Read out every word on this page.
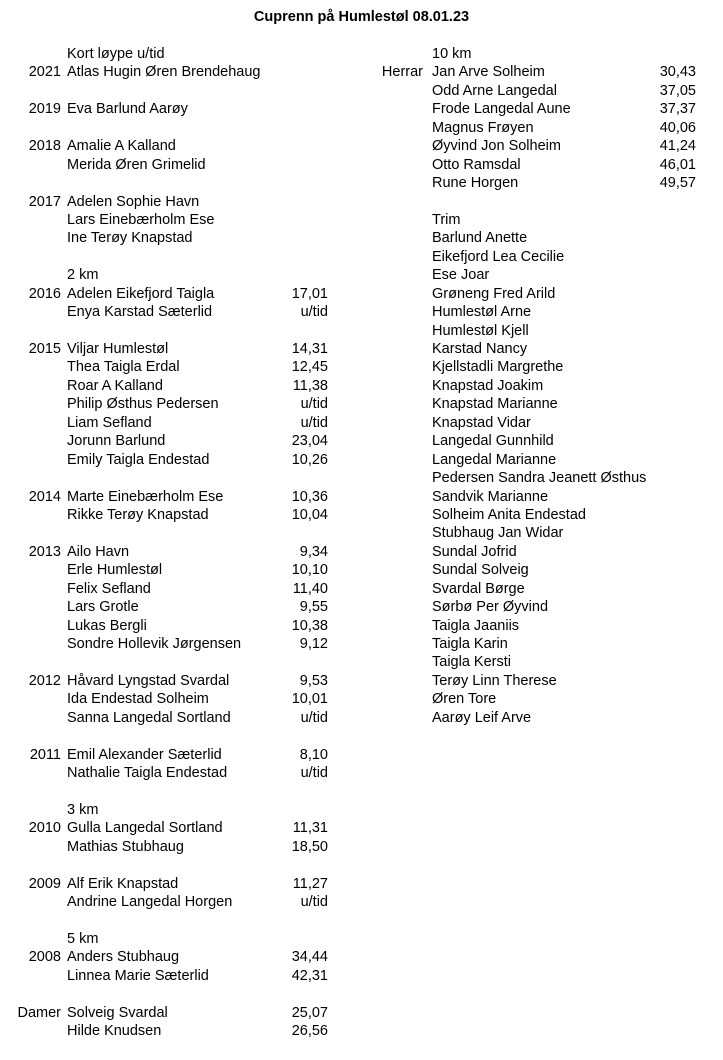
Cuprenn på Humlestøl 08.01.23
Kort løype u/tid
2021 Atlas Hugin Øren Brendehaug
2019 Eva Barlund Aarøy
2018 Amalie A Kalland
Merida Øren Grimelid
2017 Adelen Sophie Havn
Lars Einebærholm Ese
Ine Terøy Knapstad
2 km
2016 Adelen Eikefjord Taigla	17,01
Enya Karstad Sæterlid	u/tid
2015 Viljar Humlestøl	14,31
Thea Taigla Erdal	12,45
Roar A Kalland	11,38
Philip Østhus Pedersen	u/tid
Liam Sefland	u/tid
Jorunn Barlund	23,04
Emily Taigla Endestad	10,26
2014 Marte Einebærholm Ese	10,36
Rikke Terøy Knapstad	10,04
2013 Ailo Havn	9,34
Erle Humlestøl	10,10
Felix Sefland	11,40
Lars Grotle	9,55
Lukas Bergli	10,38
Sondre Hollevik Jørgensen	9,12
2012 Håvard Lyngstad Svardal	9,53
Ida Endestad Solheim	10,01
Sanna Langedal Sortland	u/tid
2011 Emil Alexander Sæterlid	8,10
Nathalie Taigla Endestad	u/tid
3 km
2010 Gulla Langedal Sortland	11,31
Mathias Stubhaug	18,50
2009 Alf Erik Knapstad	11,27
Andrine Langedal Horgen	u/tid
5 km
2008 Anders Stubhaug	34,44
Linnea Marie Sæterlid	42,31
Damer Solveig Svardal	25,07
Hilde Knudsen	26,56
10 km
Herrar Jan Arve Solheim	30,43
Odd Arne Langedal	37,05
Frode Langedal Aune	37,37
Magnus Frøyen	40,06
Øyvind Jon Solheim	41,24
Otto Ramsdal	46,01
Rune Horgen	49,57
Trim
Barlund Anette
Eikefjord Lea Cecilie
Ese Joar
Grøneng Fred Arild
Humlestøl Arne
Humlestøl Kjell
Karstad Nancy
Kjellstadli Margrethe
Knapstad Joakim
Knapstad Marianne
Knapstad Vidar
Langedal Gunnhild
Langedal Marianne
Pedersen Sandra Jeanett Østhus
Sandvik Marianne
Solheim Anita Endestad
Stubhaug Jan Widar
Sundal Jofrid
Sundal Solveig
Svardal Børge
Sørbø Per Øyvind
Taigla Jaaniis
Taigla Karin
Taigla Kersti
Terøy Linn Therese
Øren Tore
Aarøy Leif Arve
